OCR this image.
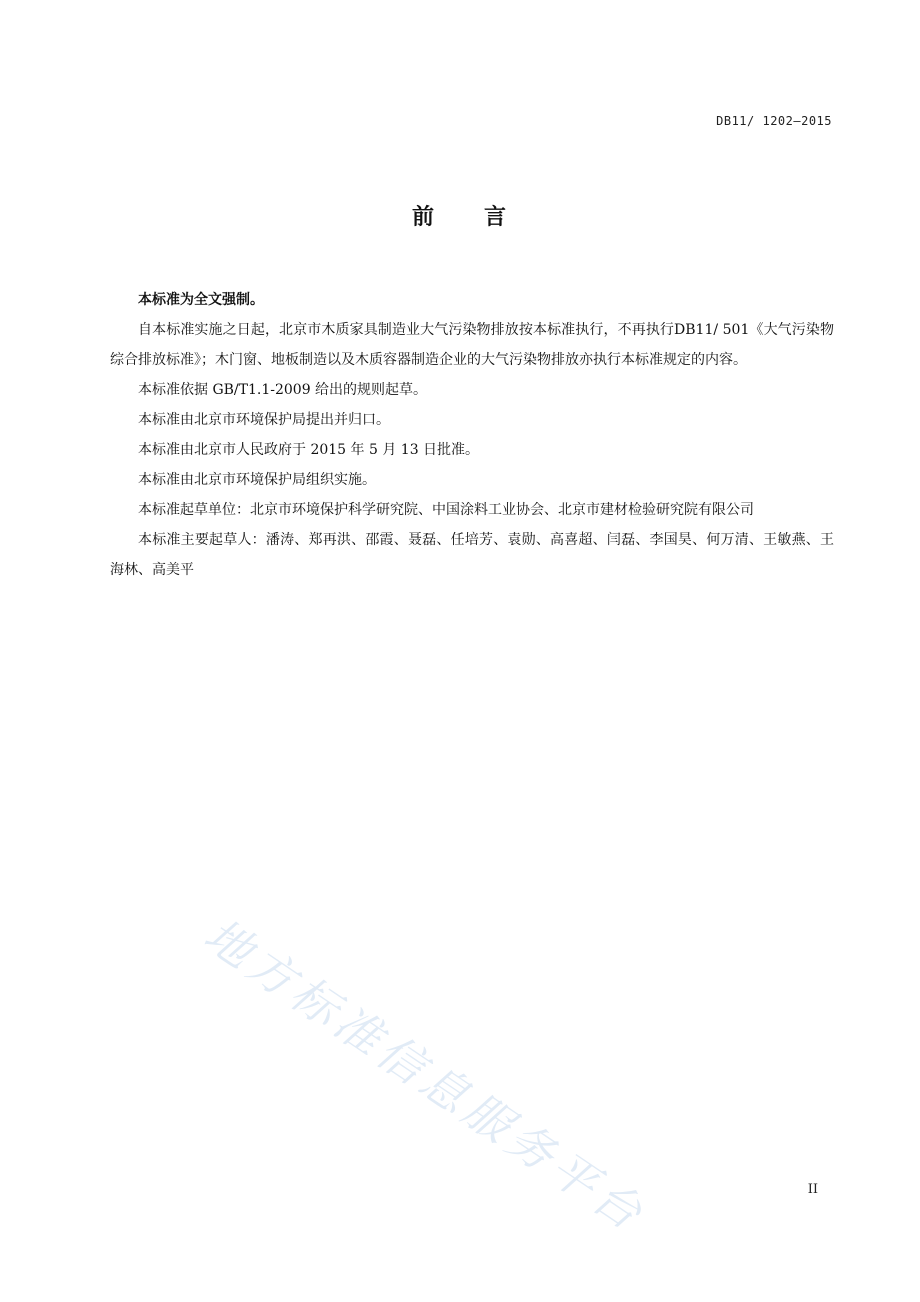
DB11/ 1202—2015
前 言

本标准为全文强制。

自本标准实施之日起，北京市木质家具制造业大气污染物排放按本标准执行，不再执行DB11/ 501《大气污染物综合排放标准》；木门窗、地板制造以及木质容器制造企业的大气污染物排放亦执行本标准规定的内容。

本标准依据 GB/T1.1-2009 给出的规则起草。

本标准由北京市环境保护局提出并归口。

本标准由北京市人民政府于 2015 年 5 月 13 日批准。

本标准由北京市环境保护局组织实施。

本标准起草单位：北京市环境保护科学研究院、中国涂料工业协会、北京市建材检验研究院有限公司

本标准主要起草人：潘涛、郑再洪、邵霞、聂磊、任培芳、袁勋、高喜超、闫磊、李国昊、何万清、王敏燕、王海林、高美平

地方标准信息服务平台	II
